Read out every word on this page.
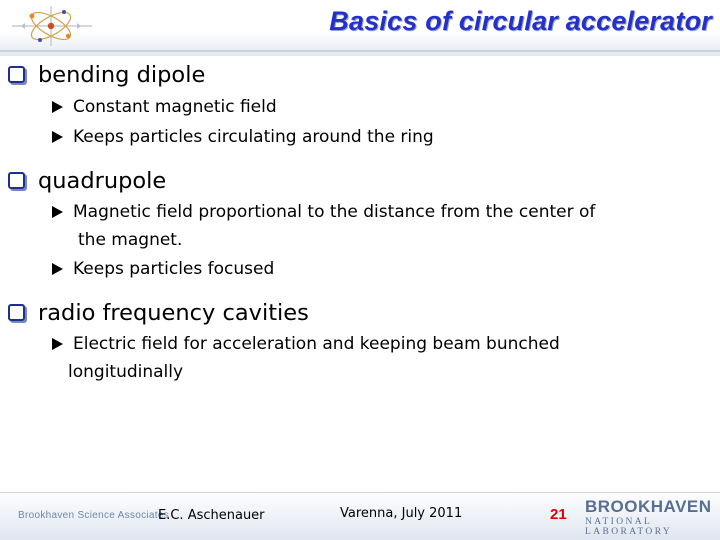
Basics of circular accelerator
bending dipole
Constant magnetic field
Keeps particles circulating around the ring
quadrupole
Magnetic field proportional to the distance from the center of
the magnet.
Keeps particles focused
radio frequency cavities
Electric field for acceleration and keeping beam bunched
longitudinally
Brookhaven Science Associates
E.C. Aschenauer	Varenna, July 2011	21 BROOKHAVEN
NATIONAL LABORATORY
